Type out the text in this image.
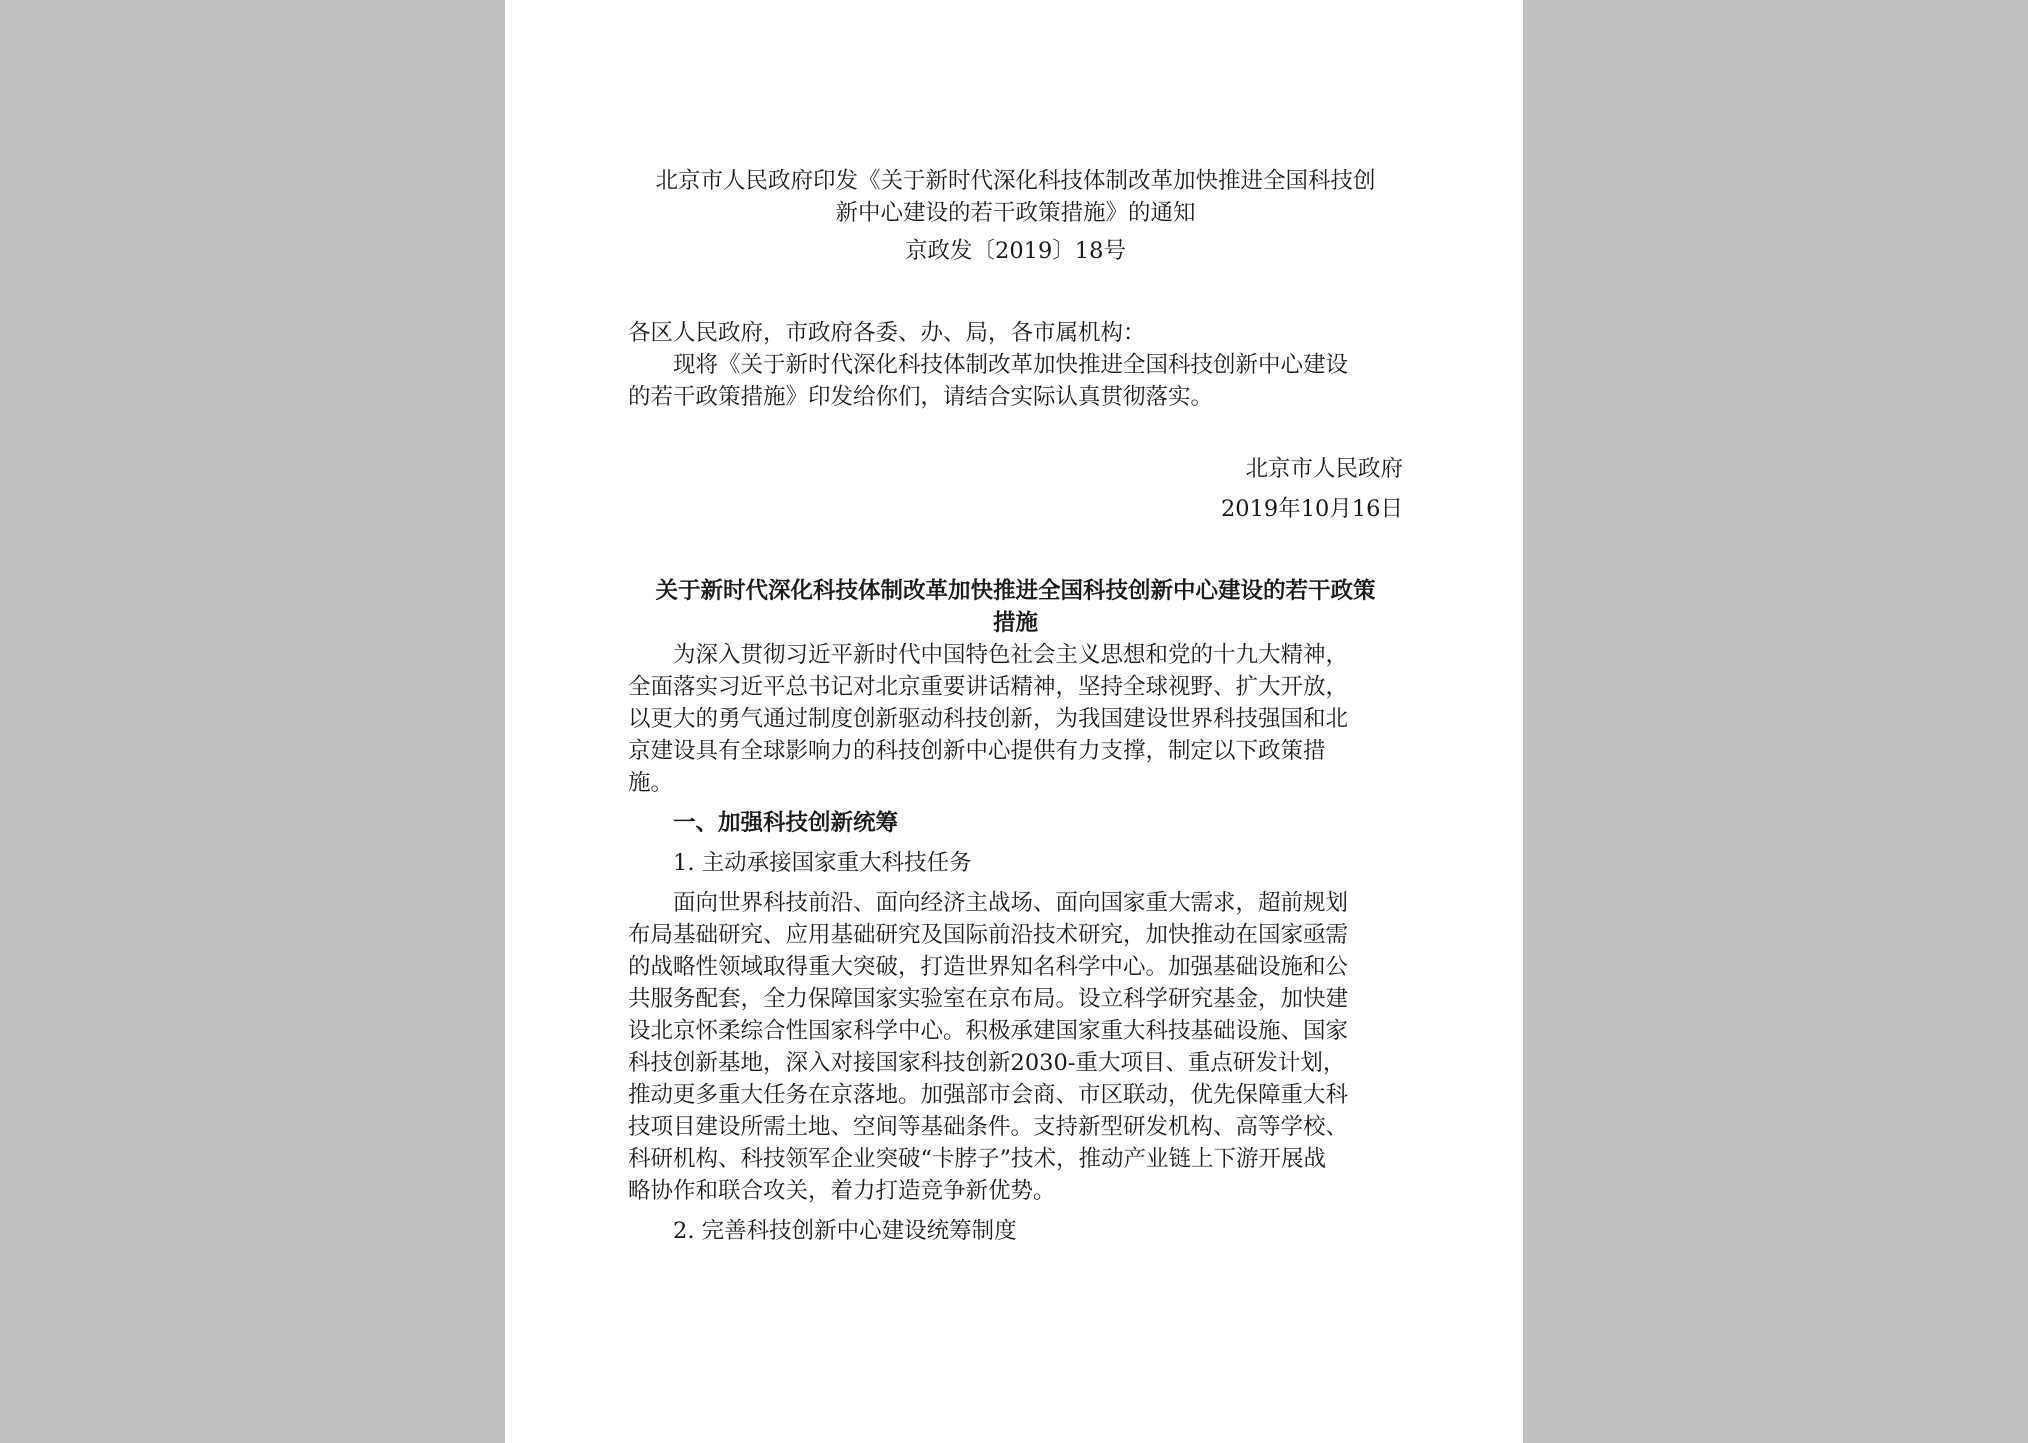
北京市人民政府印发《关于新时代深化科技体制改革加快推进全国科技创

新中心建设的若干政策措施》的通知

京政发〔2019〕18号

各区人民政府，市政府各委、办、局，各市属机构：

现将《关于新时代深化科技体制改革加快推进全国科技创新中心建设

的若干政策措施》印发给你们，请结合实际认真贯彻落实。

北京市人民政府

2019年10月16日

关于新时代深化科技体制改革加快推进全国科技创新中心建设的若干政策

措施

为深入贯彻习近平新时代中国特色社会主义思想和党的十九大精神，

全面落实习近平总书记对北京重要讲话精神，坚持全球视野、扩大开放，

以更大的勇气通过制度创新驱动科技创新，为我国建设世界科技强国和北

京建设具有全球影响力的科技创新中心提供有力支撑，制定以下政策措

施。

一、加强科技创新统筹

1. 主动承接国家重大科技任务

面向世界科技前沿、面向经济主战场、面向国家重大需求，超前规划

布局基础研究、应用基础研究及国际前沿技术研究，加快推动在国家亟需

的战略性领域取得重大突破，打造世界知名科学中心。加强基础设施和公

共服务配套，全力保障国家实验室在京布局。设立科学研究基金，加快建

设北京怀柔综合性国家科学中心。积极承建国家重大科技基础设施、国家

科技创新基地，深入对接国家科技创新2030-重大项目、重点研发计划，

推动更多重大任务在京落地。加强部市会商、市区联动，优先保障重大科

技项目建设所需土地、空间等基础条件。支持新型研发机构、高等学校、

科研机构、科技领军企业突破“卡脖子”技术，推动产业链上下游开展战

略协作和联合攻关，着力打造竞争新优势。

2. 完善科技创新中心建设统筹制度
